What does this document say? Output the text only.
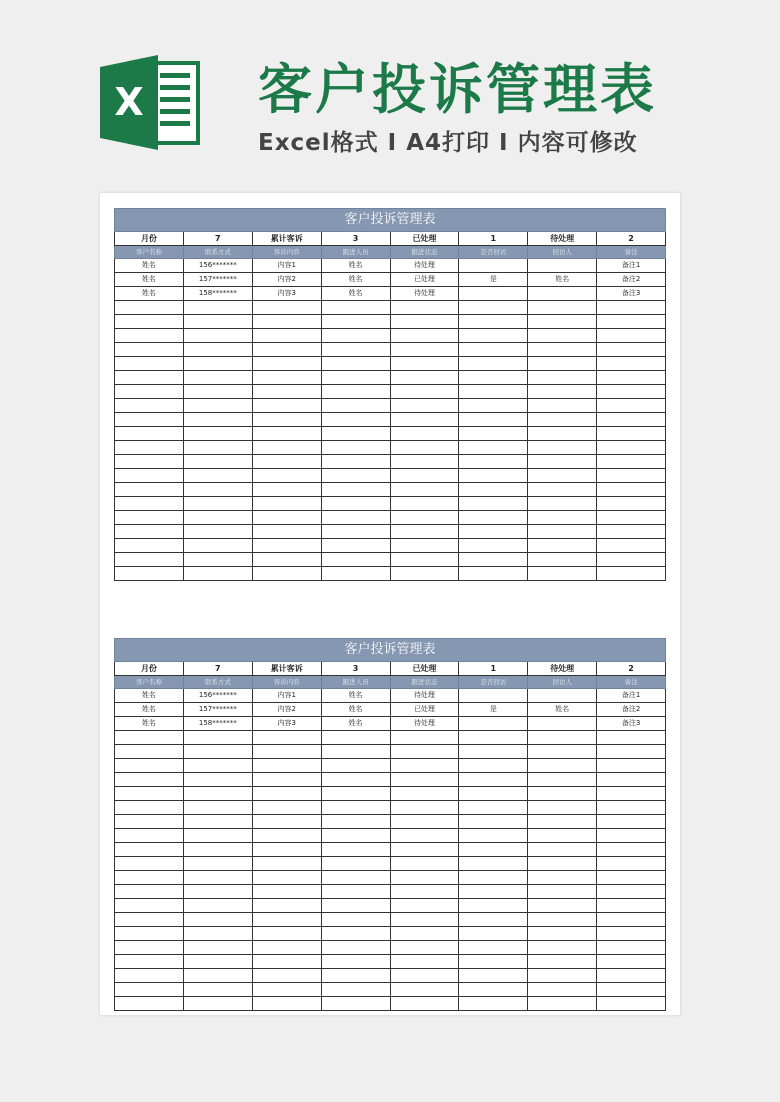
X 客户投诉管理表
Excel格式 I A4打印 I 内容可修改
客户投诉管理表							
月份	7	累计客诉	3	已处理	1	待处理	2
客户名称	联系方式	客诉内容	跟进人员	跟进状态	是否回访	回访人	备注
姓名	156*******	内容1	姓名	待处理			备注1
姓名	157*******	内容2	姓名	已处理	是	姓名	备注2
姓名	158*******	内容3	姓名	待处理			备注3

客户投诉管理表							
月份	7	累计客诉	3	已处理	1	待处理	2
客户名称	联系方式	客诉内容	跟进人员	跟进状态	是否回访	回访人	备注
姓名	156*******	内容1	姓名	待处理			备注1
姓名	157*******	内容2	姓名	已处理	是	姓名	备注2
姓名	158*******	内容3	姓名	待处理			备注3
